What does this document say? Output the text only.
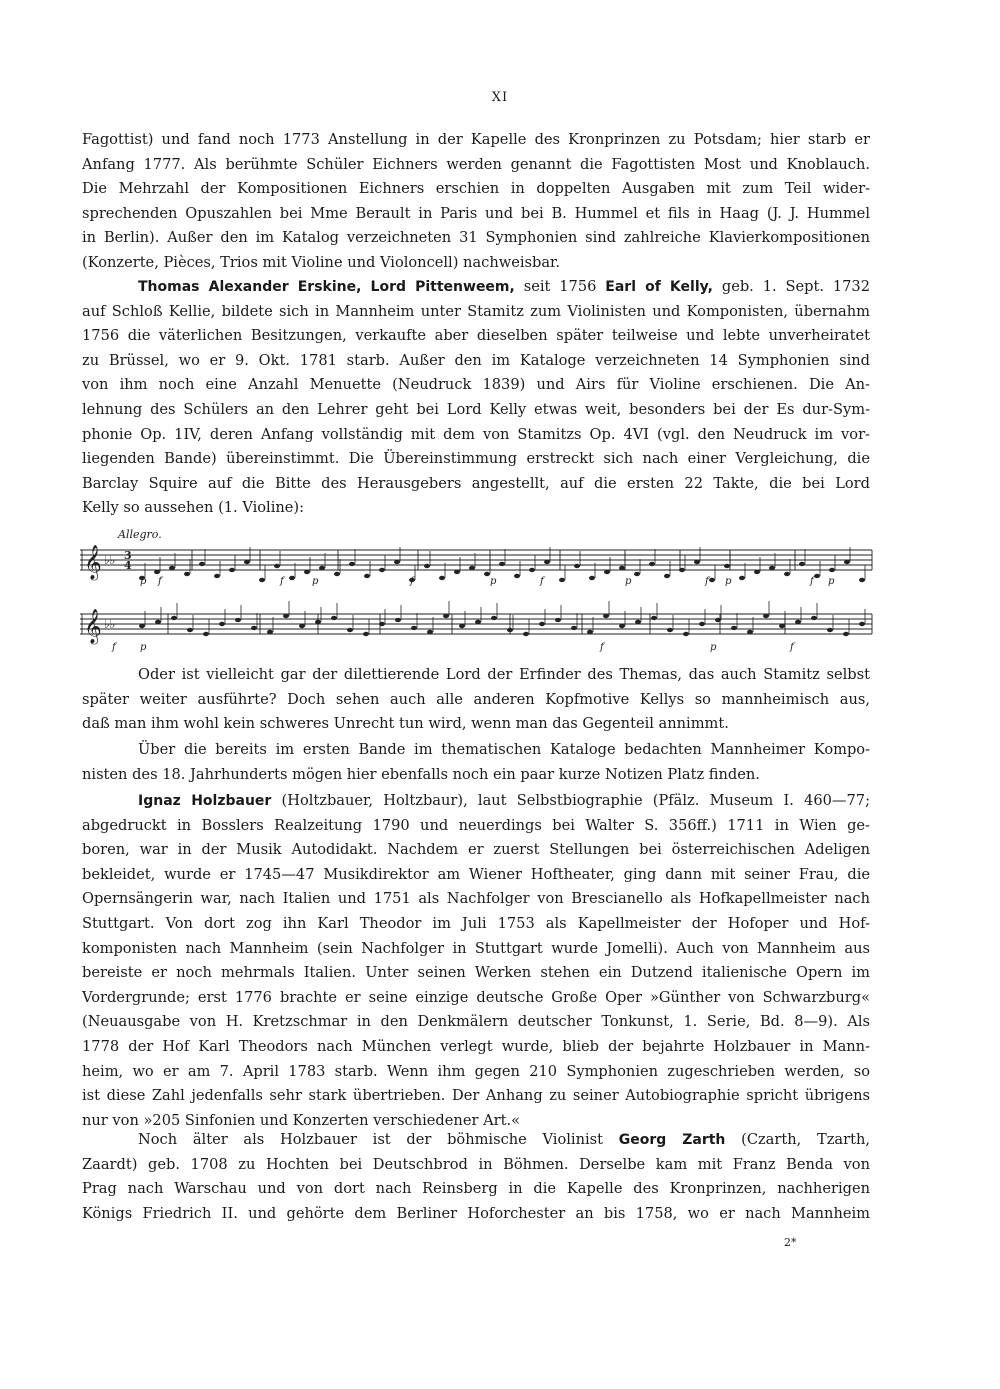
XI
Fagottist) und fand noch 1773 Anstellung in der Kapelle des Kronprinzen zu Potsdam; hier starb er
Anfang 1777. Als berühmte Schüler Eichners werden genannt die Fagottisten Most und Knoblauch.
Die Mehrzahl der Kompositionen Eichners erschien in doppelten Ausgaben mit zum Teil wider-
sprechenden Opuszahlen bei Mme Berault in Paris und bei B. Hummel et fils in Haag (J. J. Hummel
in Berlin). Außer den im Katalog verzeichneten 31 Symphonien sind zahlreiche Klavierkompositionen
(Konzerte, Pièces, Trios mit Violine und Violoncell) nachweisbar.
Thomas Alexander Erskine, Lord Pittenweem, seit 1756 Earl of Kelly, geb. 1. Sept. 1732
auf Schloß Kellie, bildete sich in Mannheim unter Stamitz zum Violinisten und Komponisten, übernahm
1756 die väterlichen Besitzungen, verkaufte aber dieselben später teilweise und lebte unverheiratet
zu Brüssel, wo er 9. Okt. 1781 starb. Außer den im Kataloge verzeichneten 14 Symphonien sind
von ihm noch eine Anzahl Menuette (Neudruck 1839) und Airs für Violine erschienen. Die An-
lehnung des Schülers an den Lehrer geht bei Lord Kelly etwas weit, besonders bei der Es dur-Sym-
phonie Op. 1IV, deren Anfang vollständig mit dem von Stamitzs Op. 4VI (vgl. den Neudruck im vor-
liegenden Bande) übereinstimmt. Die Übereinstimmung erstreckt sich nach einer Vergleichung, die
Barclay Squire auf die Bitte des Herausgebers angestellt, auf die ersten 22 Takte, die bei Lord
Kelly so aussehen (1. Violine):
Allegro.
𝄞
𝄞
♭♭
♭♭
3
4
p f	f	p	f	p	f	p	f p	f p
f p	f	p	f
Oder ist vielleicht gar der dilettierende Lord der Erfinder des Themas, das auch Stamitz selbst
später weiter ausführte? Doch sehen auch alle anderen Kopfmotive Kellys so mannheimisch aus,
daß man ihm wohl kein schweres Unrecht tun wird, wenn man das Gegenteil annimmt.
Über die bereits im ersten Bande im thematischen Kataloge bedachten Mannheimer Kompo-
nisten des 18. Jahrhunderts mögen hier ebenfalls noch ein paar kurze Notizen Platz finden.
Ignaz Holzbauer (Holtzbauer, Holtzbaur), laut Selbstbiographie (Pfälz. Museum I. 460—77;
abgedruckt in Bosslers Realzeitung 1790 und neuerdings bei Walter S. 356ff.) 1711 in Wien ge-
boren, war in der Musik Autodidakt. Nachdem er zuerst Stellungen bei österreichischen Adeligen
bekleidet, wurde er 1745—47 Musikdirektor am Wiener Hoftheater, ging dann mit seiner Frau, die
Opernsängerin war, nach Italien und 1751 als Nachfolger von Brescianello als Hofkapellmeister nach
Stuttgart. Von dort zog ihn Karl Theodor im Juli 1753 als Kapellmeister der Hofoper und Hof-
komponisten nach Mannheim (sein Nachfolger in Stuttgart wurde Jomelli). Auch von Mannheim aus
bereiste er noch mehrmals Italien. Unter seinen Werken stehen ein Dutzend italienische Opern im
Vordergrunde; erst 1776 brachte er seine einzige deutsche Große Oper »Günther von Schwarzburg«
(Neuausgabe von H. Kretzschmar in den Denkmälern deutscher Tonkunst, 1. Serie, Bd. 8—9). Als
1778 der Hof Karl Theodors nach München verlegt wurde, blieb der bejahrte Holzbauer in Mann-
heim, wo er am 7. April 1783 starb. Wenn ihm gegen 210 Symphonien zugeschrieben werden, so
ist diese Zahl jedenfalls sehr stark übertrieben. Der Anhang zu seiner Autobiographie spricht übrigens
nur von »205 Sinfonien und Konzerten verschiedener Art.«
Noch älter als Holzbauer ist der böhmische Violinist Georg Zarth (Czarth, Tzarth,
Zaardt) geb. 1708 zu Hochten bei Deutschbrod in Böhmen. Derselbe kam mit Franz Benda von
Prag nach Warschau und von dort nach Reinsberg in die Kapelle des Kronprinzen, nachherigen
Königs Friedrich II. und gehörte dem Berliner Hoforchester an bis 1758, wo er nach Mannheim
2*
